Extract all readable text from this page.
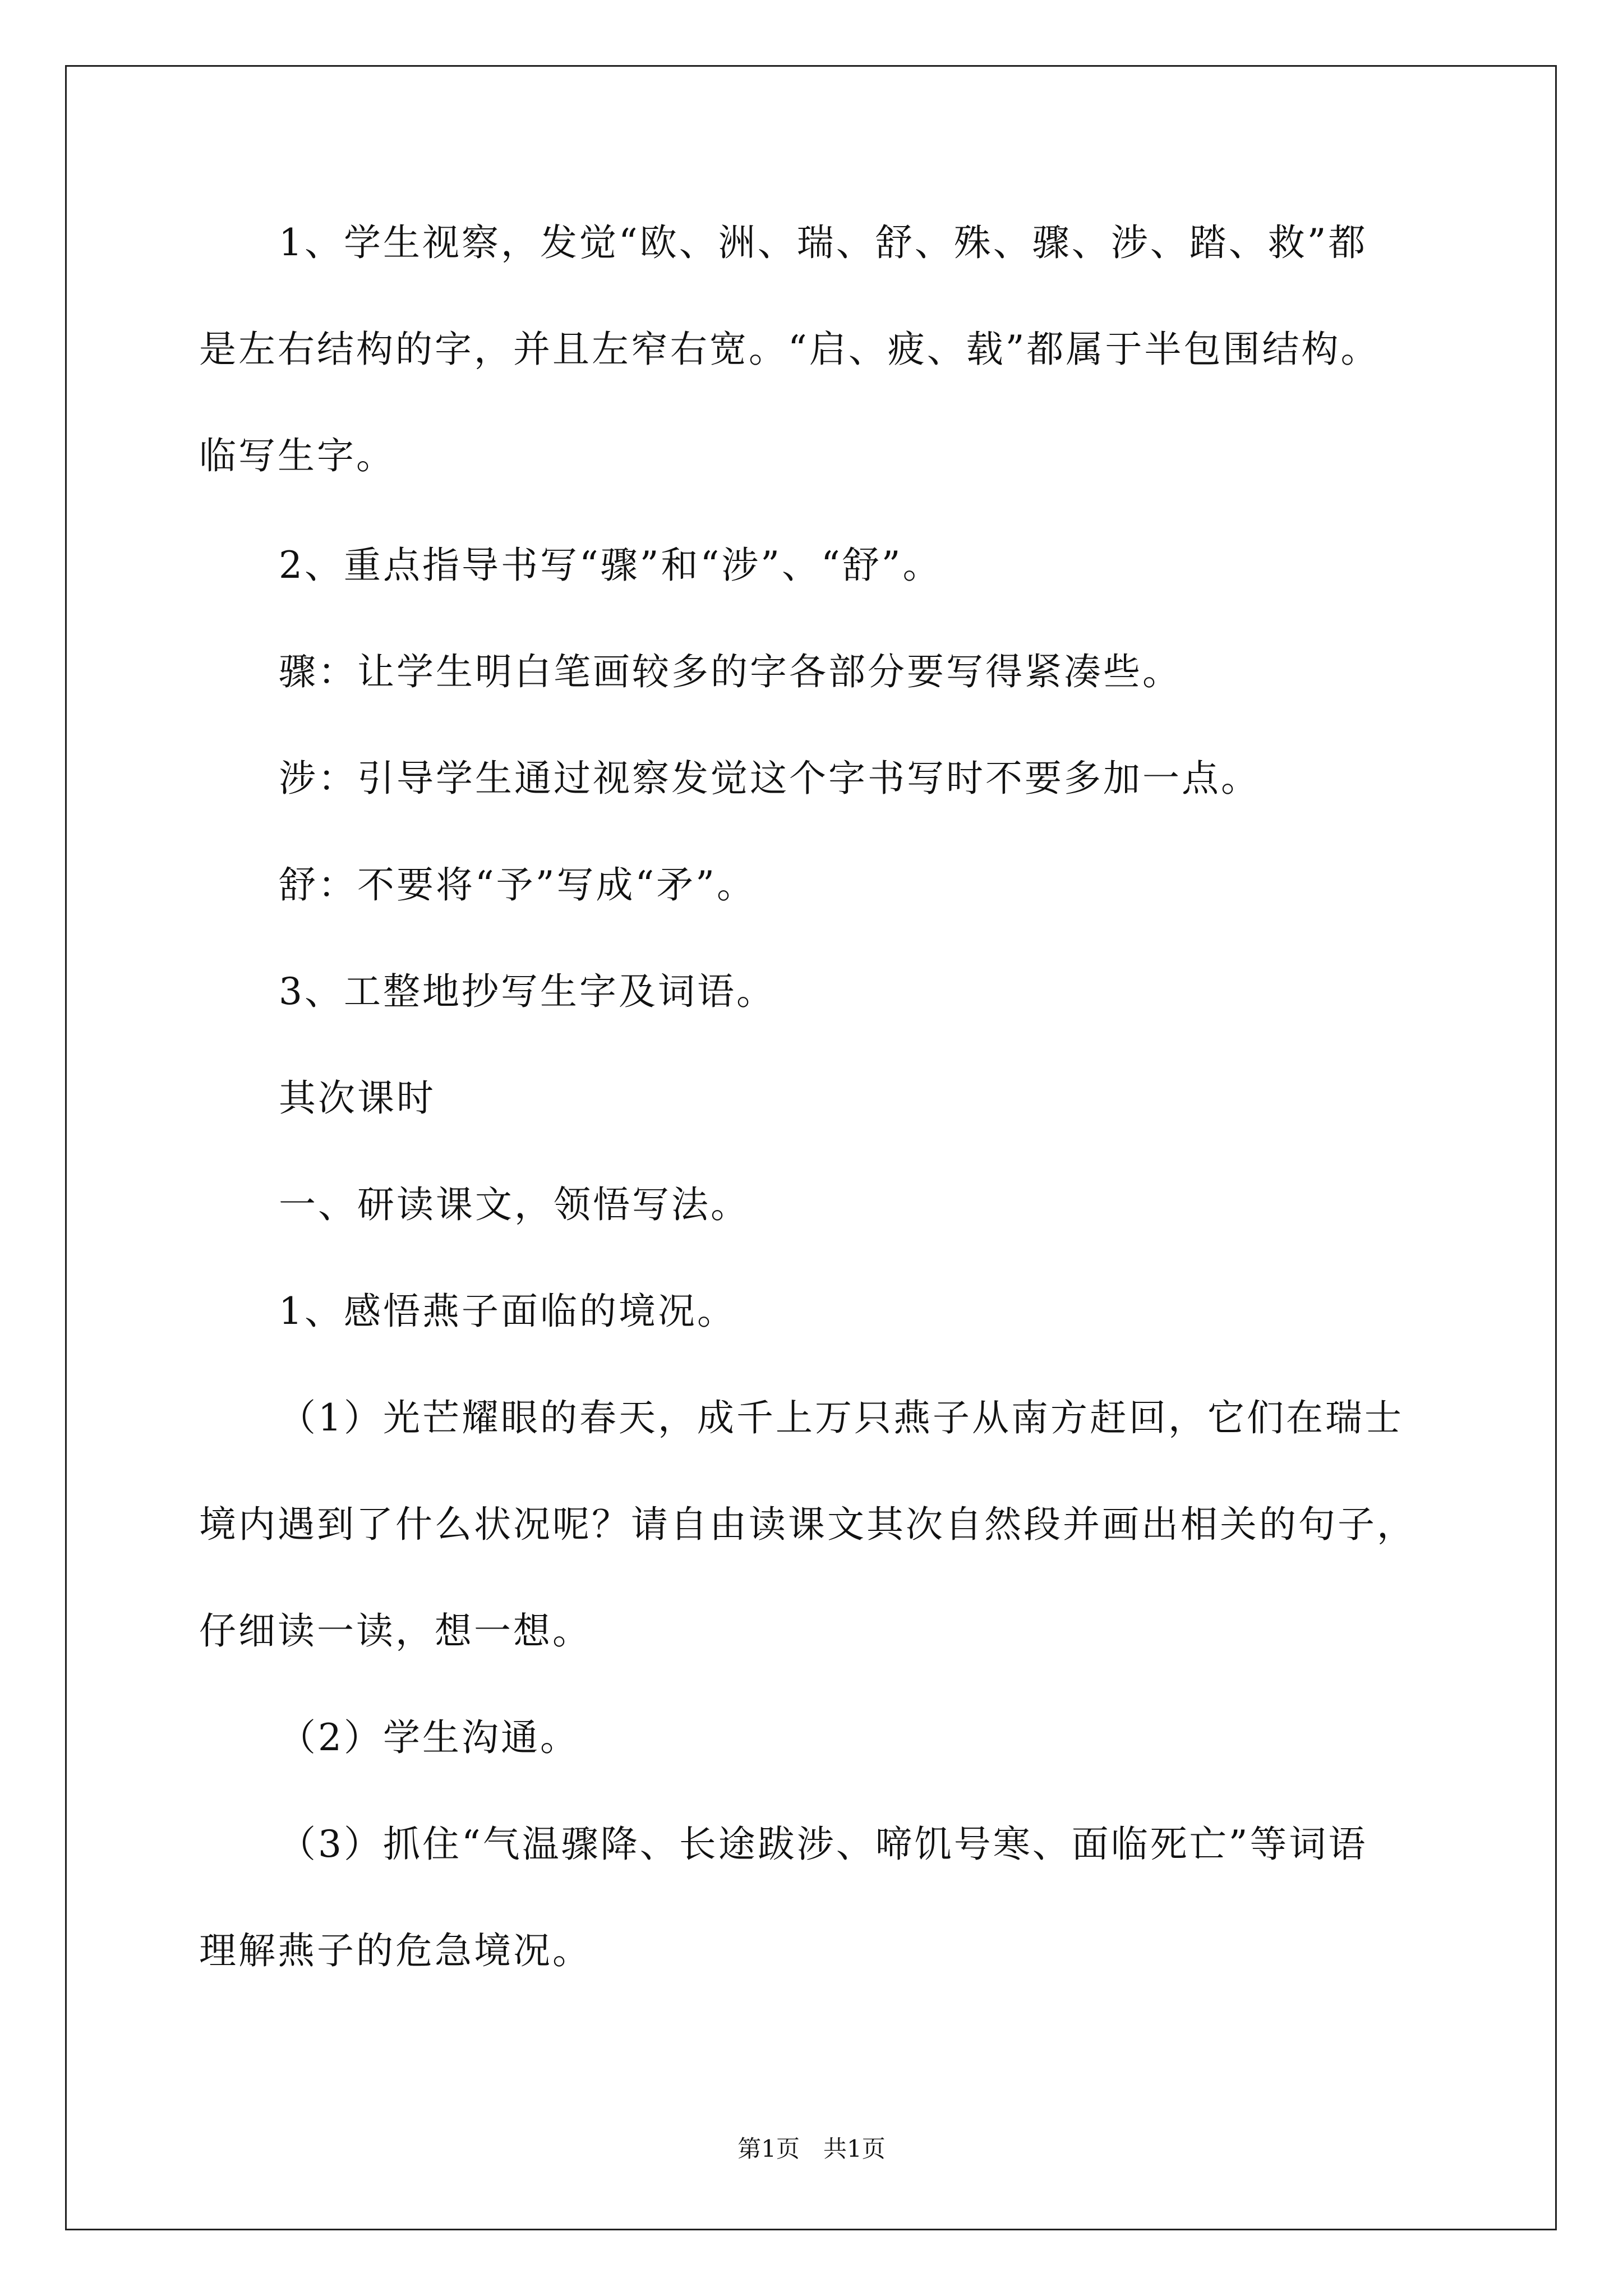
1、学生视察，发觉“欧、洲、瑞、舒、殊、骤、涉、踏、救”都
是左右结构的字，并且左窄右宽。“启、疲、载”都属于半包围结构。
临写生字。
2、重点指导书写“骤”和“涉”、“舒”。
骤：让学生明白笔画较多的字各部分要写得紧凑些。
涉：引导学生通过视察发觉这个字书写时不要多加一点。
舒：不要将“予”写成“矛”。
3、工整地抄写生字及词语。
其次课时
一、研读课文，领悟写法。
1、感悟燕子面临的境况。
（1）光芒耀眼的春天，成千上万只燕子从南方赶回，它们在瑞士
境内遇到了什么状况呢？请自由读课文其次自然段并画出相关的句子，
仔细读一读，想一想。
（2）学生沟通。
（3）抓住“气温骤降、长途跋涉、啼饥号寒、面临死亡”等词语
理解燕子的危急境况。
第1页　共1页
